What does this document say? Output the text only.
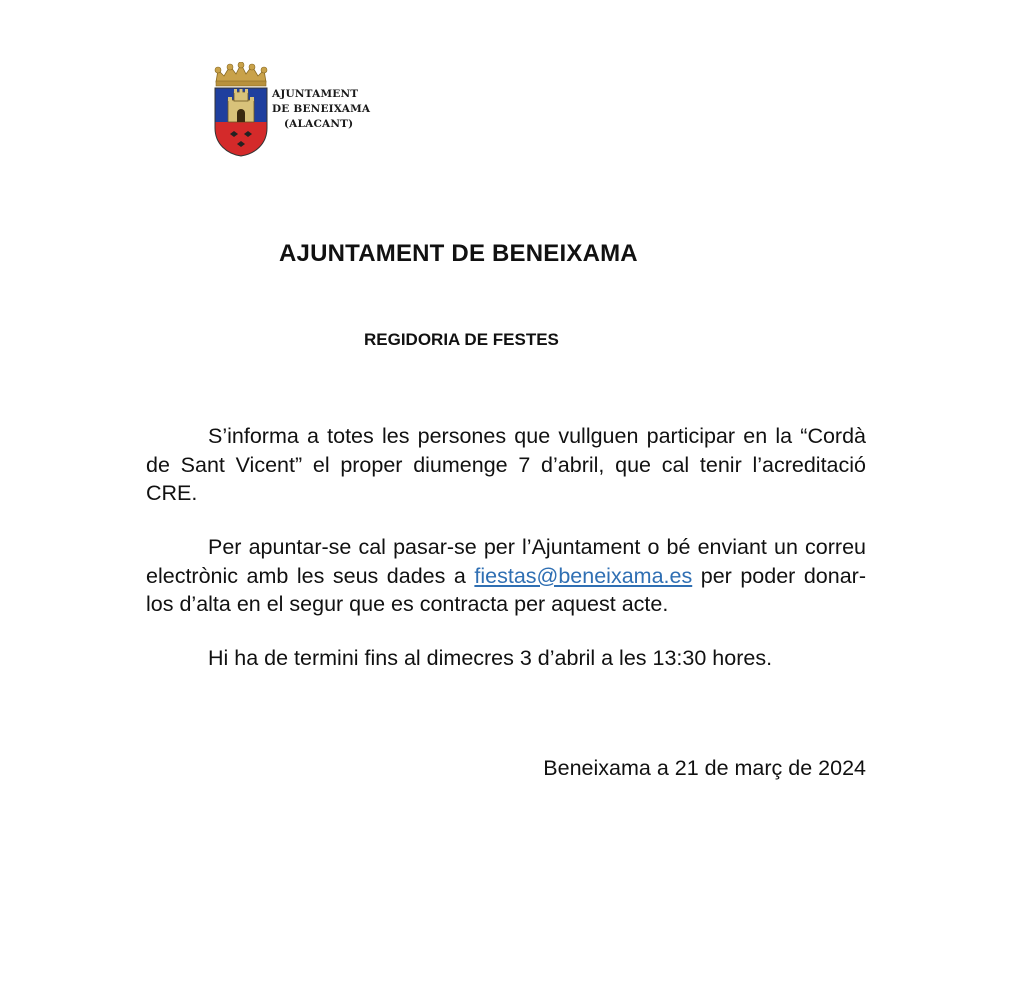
AJUNTAMENT
DE BENEIXAMA
(ALACANT)
AJUNTAMENT DE BENEIXAMA
REGIDORIA DE FESTES
S’informa a totes les persones que vullguen participar en la “Cordà de Sant Vicent” el proper diumenge 7 d’abril, que cal tenir l’acreditació CRE.
Per apuntar-se cal pasar-se per l’Ajuntament o bé enviant un correu electrònic amb les seus dades a fiestas@beneixama.es per poder donar-los d’alta en el segur que es contracta per aquest acte.
Hi ha de termini fins al dimecres 3 d’abril a les 13:30 hores.
Beneixama a 21 de març de 2024
